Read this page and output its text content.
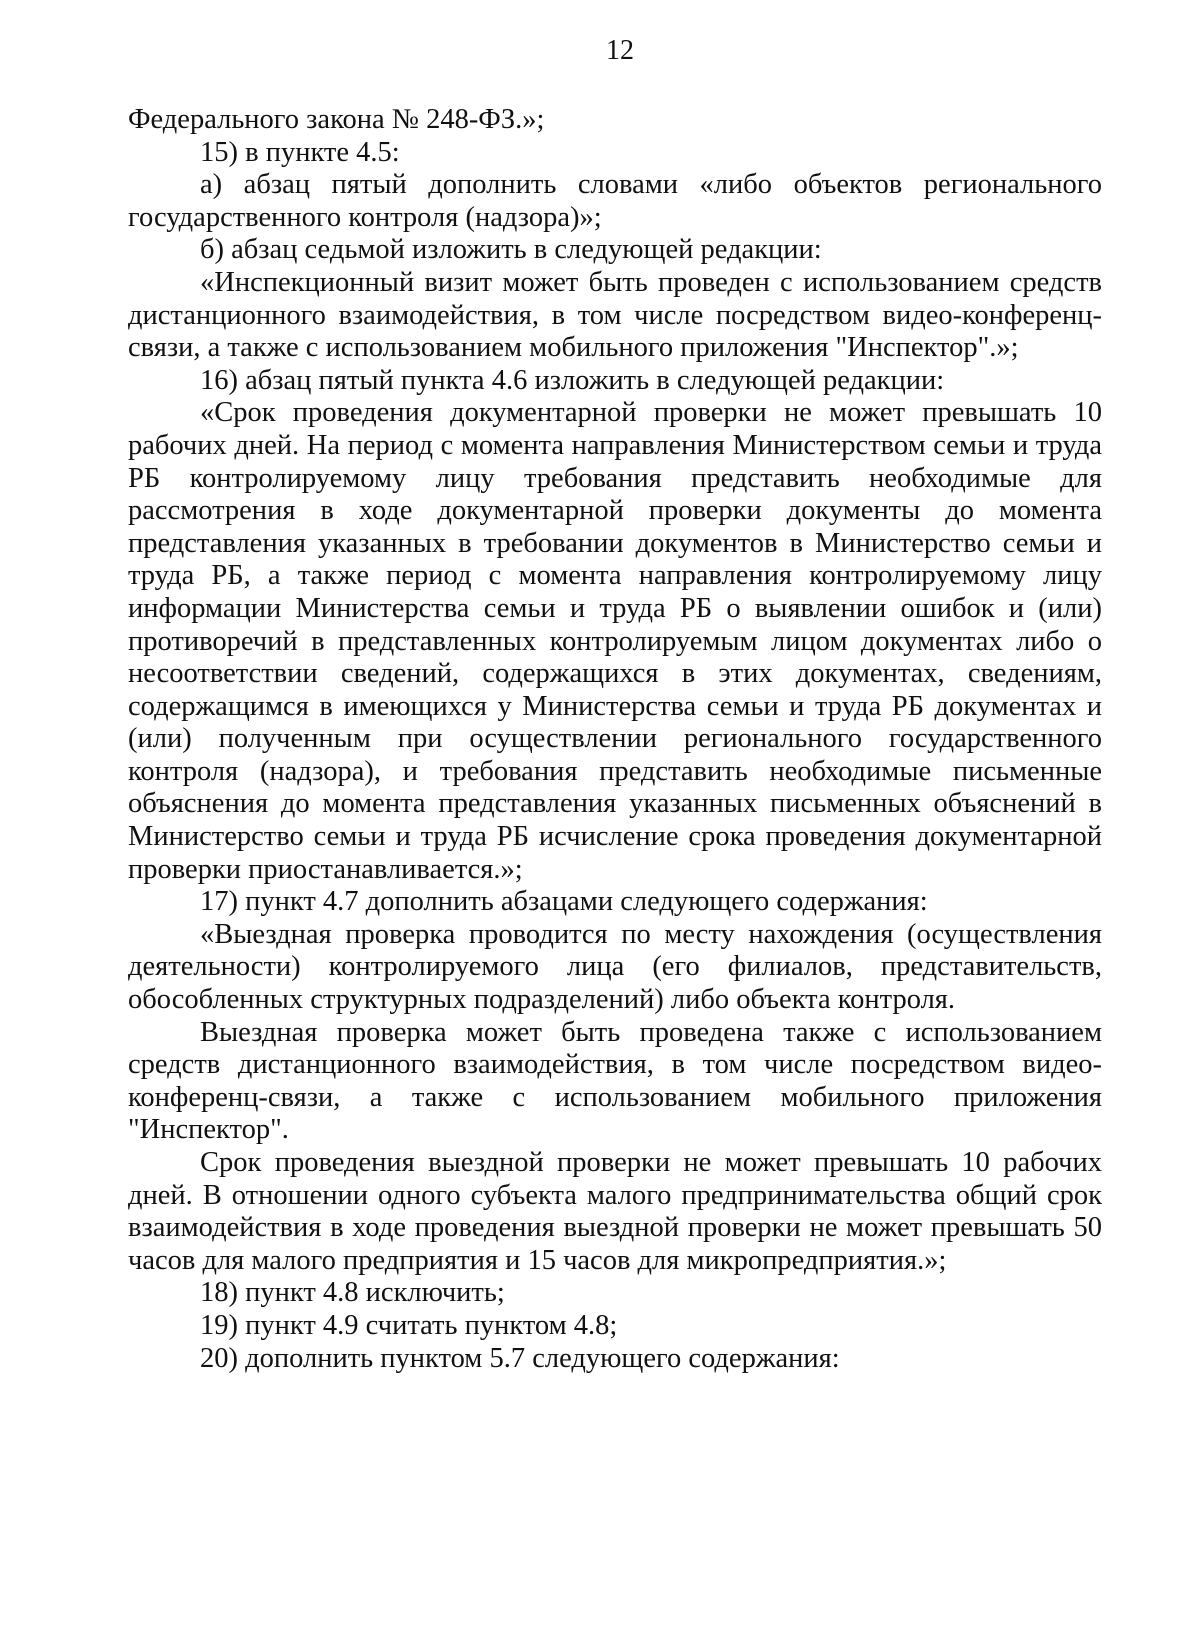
12

Федерального закона № 248-ФЗ.»;

15) в пункте 4.5:

а) абзац пятый дополнить словами «либо объектов регионального государственного контроля (надзора)»;

б) абзац седьмой изложить в следующей редакции:

«Инспекционный визит может быть проведен с использованием средств дистанционного взаимодействия, в том числе посредством видео-конференц-связи, а также с использованием мобильного приложения "Инспектор".»;

16) абзац пятый пункта 4.6 изложить в следующей редакции:

«Срок проведения документарной проверки не может превышать 10 рабочих дней. На период с момента направления Министерством семьи и труда РБ контролируемому лицу требования представить необходимые для рассмотрения в ходе документарной проверки документы до момента представления указанных в требовании документов в Министерство семьи и труда РБ, а также период с момента направления контролируемому лицу информации Министерства семьи и труда РБ о выявлении ошибок и (или) противоречий в представленных контролируемым лицом документах либо о несоответствии сведений, содержащихся в этих документах, сведениям, содержащимся в имеющихся у Министерства семьи и труда РБ документах и (или) полученным при осуществлении регионального государственного контроля (надзора), и требования представить необходимые письменные объяснения до момента представления указанных письменных объяснений в Министерство семьи и труда РБ исчисление срока проведения документарной проверки приостанавливается.»;

17) пункт 4.7 дополнить абзацами следующего содержания:

«Выездная проверка проводится по месту нахождения (осуществления деятельности) контролируемого лица (его филиалов, представительств, обособленных структурных подразделений) либо объекта контроля.

Выездная проверка может быть проведена также с использованием средств дистанционного взаимодействия, в том числе посредством видео-конференц-связи, а также с использованием мобильного приложения "Инспектор".

Срок проведения выездной проверки не может превышать 10 рабочих дней. В отношении одного субъекта малого предпринимательства общий срок взаимодействия в ходе проведения выездной проверки не может превышать 50 часов для малого предприятия и 15 часов для микропредприятия.»;

18) пункт 4.8 исключить;

19) пункт 4.9 считать пунктом 4.8;

20) дополнить пунктом 5.7 следующего содержания:
